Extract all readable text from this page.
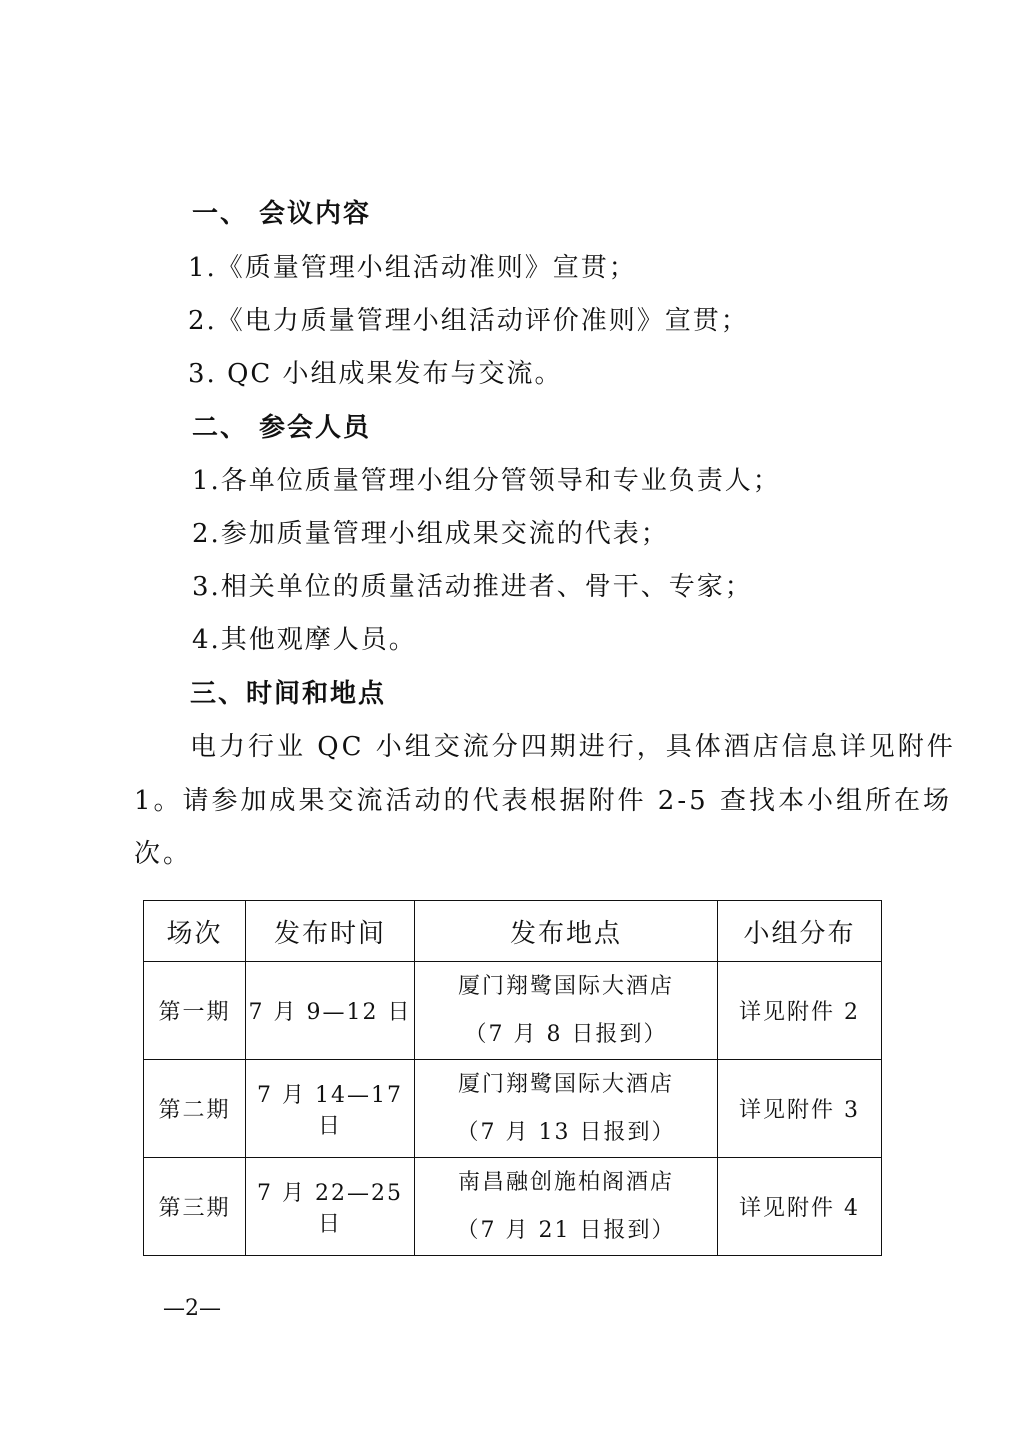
一、 会议内容
1.《质量管理小组活动准则》宣贯；
2.《电力质量管理小组活动评价准则》宣贯；
3. QC 小组成果发布与交流。
二、 参会人员
1.各单位质量管理小组分管领导和专业负责人；
2.参加质量管理小组成果交流的代表；
3.相关单位的质量活动推进者、骨干、专家；
4.其他观摩人员。
三、时间和地点
电力行业 QC 小组交流分四期进行，具体酒店信息详见附件
1。请参加成果交流活动的代表根据附件 2-5 查找本小组所在场
次。
场次	发布时间	发布地点	小组分布
第一期	7 月 9—12 日	厦门翔鹭国际大酒店
（7 月 8 日报到）	详见附件 2
第二期	7 月 14—17 日	厦门翔鹭国际大酒店
（7 月 13 日报到）	详见附件 3
第三期	7 月 22—25 日	南昌融创施柏阁酒店
（7 月 21 日报到）	详见附件 4
—2—
